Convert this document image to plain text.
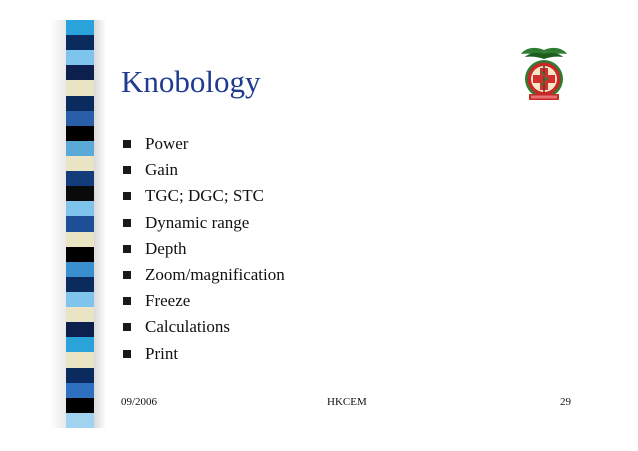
Knobology
Power
Gain
TGC; DGC; STC
Dynamic range
Depth
Zoom/magnification
Freeze
Calculations
Print
09/2006	HKCEM	29
